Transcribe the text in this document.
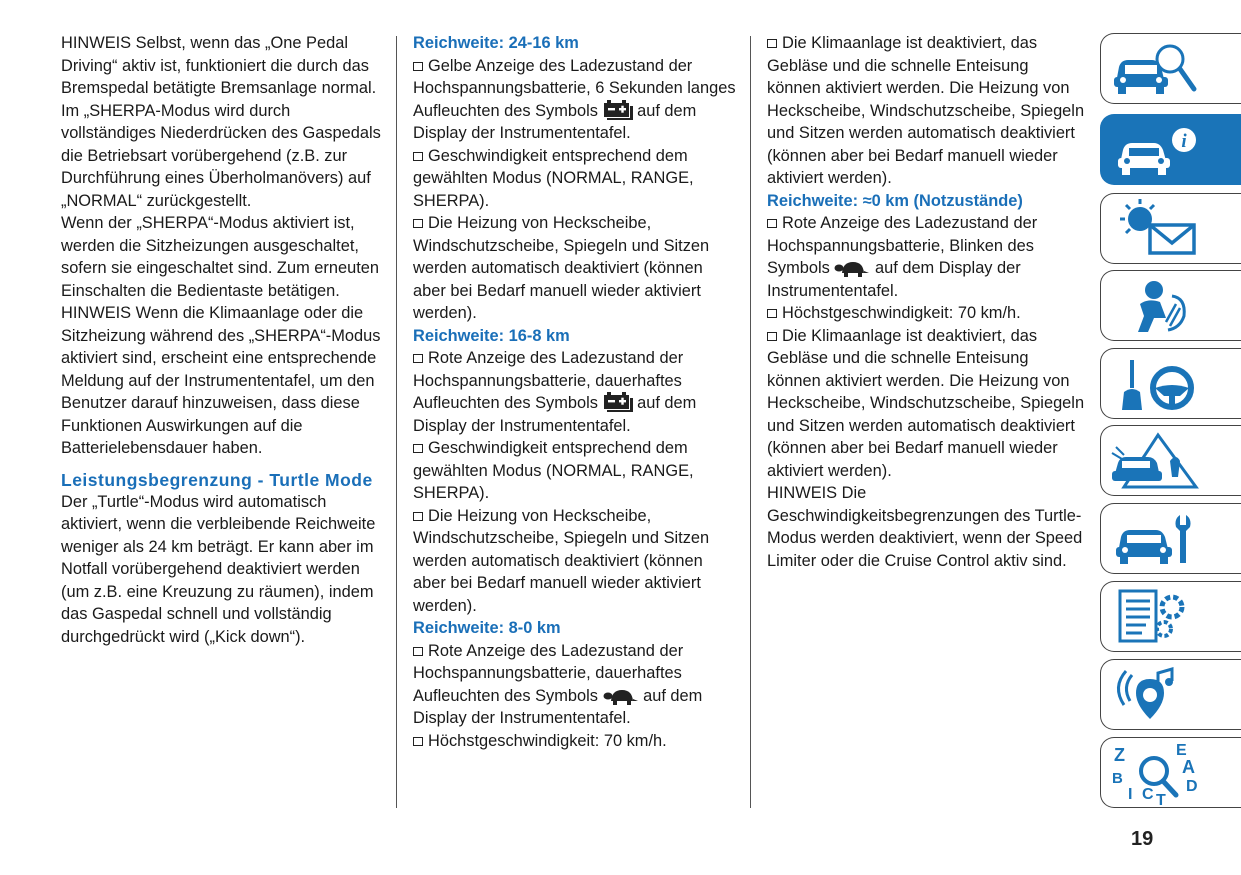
HINWEIS Selbst, wenn das „One Pedal Driving“ aktiv ist, funktioniert die durch das Bremspedal betätigte Bremsanlage normal.

Im „SHERPA-Modus wird durch vollständiges Niederdrücken des Gaspedals die Betriebsart vorübergehend (z.B. zur Durchführung eines Überholmanövers) auf „NORMAL“ zurückgestellt.

Wenn der „SHERPA“-Modus aktiviert ist, werden die Sitzheizungen ausgeschaltet, sofern sie eingeschaltet sind. Zum erneuten Einschalten die Bedientaste betätigen.

HINWEIS Wenn die Klimaanlage oder die Sitzheizung während des „SHERPA“-Modus aktiviert sind, erscheint eine entsprechende Meldung auf der Instrumententafel, um den Benutzer darauf hinzuweisen, dass diese Funktionen Auswirkungen auf die Batterielebensdauer haben.

Leistungsbegrenzung - Turtle Mode

Der „Turtle“-Modus wird automatisch aktiviert, wenn die verbleibende Reichweite weniger als 24 km beträgt. Er kann aber im Notfall vorübergehend deaktiviert werden (um z.B. eine Kreuzung zu räumen), indem das Gaspedal schnell und vollständig durchgedrückt wird („Kick down“).

Reichweite: 24-16 km

Gelbe Anzeige des Ladezustand der Hochspannungsbatterie, 6 Sekunden langes Aufleuchten des Symbols auf dem Display der Instrumententafel.

Geschwindigkeit entsprechend dem gewählten Modus (NORMAL, RANGE, SHERPA).

Die Heizung von Heckscheibe, Windschutzscheibe, Spiegeln und Sitzen werden automatisch deaktiviert (können aber bei Bedarf manuell wieder aktiviert werden).

Reichweite: 16-8 km

Rote Anzeige des Ladezustand der Hochspannungsbatterie, dauerhaftes Aufleuchten des Symbols auf dem Display der Instrumententafel.

Geschwindigkeit entsprechend dem gewählten Modus (NORMAL, RANGE, SHERPA).

Die Heizung von Heckscheibe, Windschutzscheibe, Spiegeln und Sitzen werden automatisch deaktiviert (können aber bei Bedarf manuell wieder aktiviert werden).

Reichweite: 8-0 km

Rote Anzeige des Ladezustand der Hochspannungsbatterie, dauerhaftes Aufleuchten des Symbols	auf dem Display der Instrumententafel.

Höchstgeschwindigkeit: 70 km/h.

Die Klimaanlage ist deaktiviert, das Gebläse und die schnelle Enteisung können aktiviert werden. Die Heizung von Heckscheibe, Windschutzscheibe, Spiegeln und Sitzen werden automatisch deaktiviert (können aber bei Bedarf manuell wieder aktiviert werden).

Reichweite: ≈0 km (Notzustände)

Rote Anzeige des Ladezustand der Hochspannungsbatterie, Blinken des Symbols	auf dem Display der Instrumententafel.

Höchstgeschwindigkeit: 70 km/h.

Die Klimaanlage ist deaktiviert, das Gebläse und die schnelle Enteisung können aktiviert werden. Die Heizung von Heckscheibe, Windschutzscheibe, Spiegeln und Sitzen werden automatisch deaktiviert (können aber bei Bedarf manuell wieder aktiviert werden).

HINWEIS Die Geschwindigkeitsbegrenzungen des Turtle-Modus werden deaktiviert, wenn der Speed Limiter oder die Cruise Control aktiv sind.

i
Z	E
A
B
I C T
D
19
